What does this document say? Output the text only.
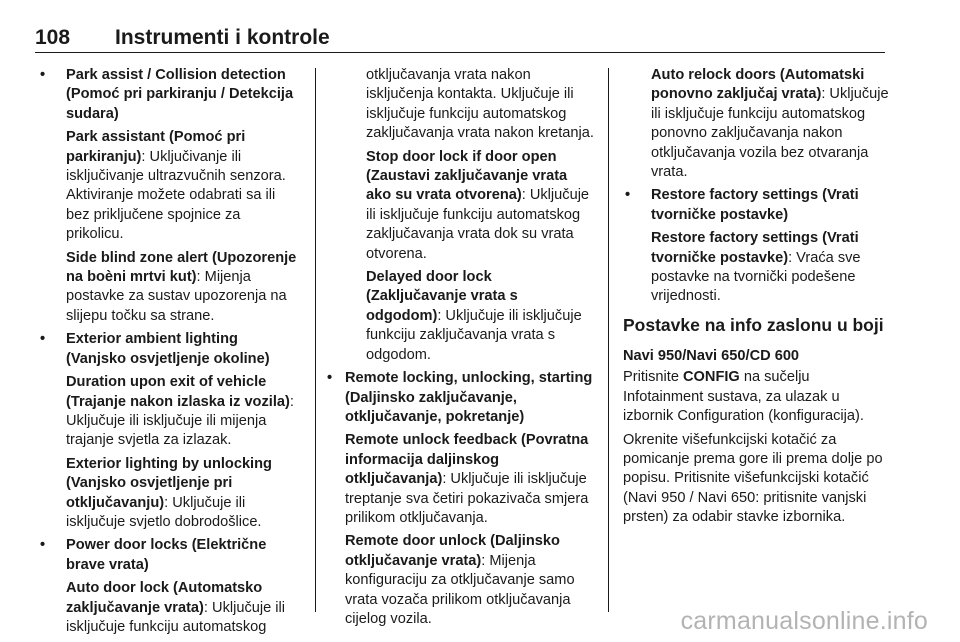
108 Instrumenti i kontrole
• Park assist / Collision detection (Pomoć pri parkiranju / Detekcija sudara)

Park assistant (Pomoć pri parkiranju): Uključivanje ili isključivanje ultrazvučnih senzora. Aktiviranje možete odabrati sa ili bez priključene spojnice za prikolicu.

Side blind zone alert (Upozorenje na boèni mrtvi kut): Mijenja postavke za sustav upozorenja na slijepu točku sa strane.

• Exterior ambient lighting (Vanjsko osvjetljenje okoline)

Duration upon exit of vehicle (Trajanje nakon izlaska iz vozila): Uključuje ili isključuje ili mijenja trajanje svjetla za izlazak.

Exterior lighting by unlocking (Vanjsko osvjetljenje pri otključavanju): Uključuje ili isključuje svjetlo dobrodošlice.

• Power door locks (Električne brave vrata)

Auto door lock (Automatsko zaključavanje vrata): Uključuje ili isključuje funkciju automatskog

otključavanja vrata nakon isključenja kontakta. Uključuje ili isključuje funkciju automatskog zaključavanja vrata nakon kretanja.

Stop door lock if door open (Zaustavi zaključavanje vrata ako su vrata otvorena): Uključuje ili isključuje funkciju automatskog zaključavanja vrata dok su vrata otvorena.

Delayed door lock (Zaključavanje vrata s odgodom): Uključuje ili isključuje funkciju zaključavanja vrata s odgodom.

• Remote locking, unlocking, starting (Daljinsko zaključavanje, otključavanje, pokretanje)

Remote unlock feedback (Povratna informacija daljinskog otključavanja): Uključuje ili isključuje treptanje sva četiri pokazivača smjera prilikom otključavanja.

Remote door unlock (Daljinsko otključavanje vrata): Mijenja konfiguraciju za otključavanje samo vrata vozača prilikom otključavanja cijelog vozila.

Auto relock doors (Automatski ponovno zaključaj vrata): Uključuje ili isključuje funkciju automatskog ponovno zaključavanja nakon otključavanja vozila bez otvaranja vrata.

• Restore factory settings (Vrati tvorničke postavke)

Restore factory settings (Vrati tvorničke postavke): Vraća sve postavke na tvornički podešene vrijednosti.

Postavke na info zaslonu u boji
Navi 950/Navi 650/CD 600

Pritisnite CONFIG na sučelju Infotainment sustava, za ulazak u izbornik Configuration (konfiguracija).

Okrenite višefunkcijski kotačić za pomicanje prema gore ili prema dolje po popisu. Pritisnite višefunkcijski kotačić (Navi 950 / Navi 650: pritisnite vanjski prsten) za odabir stavke izbornika.

carmanualsonline.info
